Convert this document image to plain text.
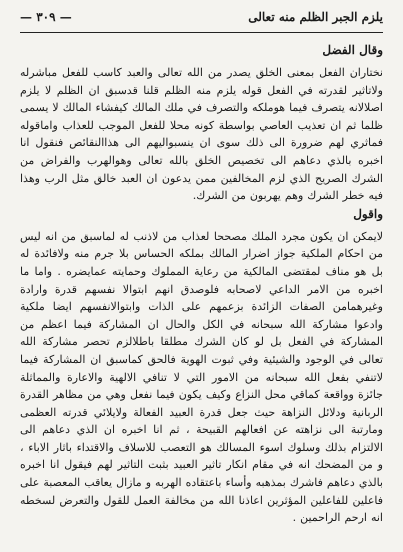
يلزم الجبر الظلم منه تعالى
— ٣٠٩ —
وقال الفضل

نختاران الفعل بمعنى الخلق يصدر من الله تعالى والعبد كاسب للفعل مباشرله ولاتاثير لقدرته في الفعل قوله يلزم منه الظلم قلنا قدسبق ان الظلم لا يلزم اصلالانه يتصرف فيما هوملكه والتصرف في ملك المالك كيفشاء المالك لا يسمى ظلما ثم ان تعذيب العاصي بواسطة كونه محلا للفعل الموجب للعذاب واماقوله فماثري لهم ضرورة الى ذلك سوى ان ينسبواليهم الى هذاالنقائص فنقول انا اخبره بالذي دعاهم الى تخصيص الخلق بالله تعالى وهوالهرب والفراض من الشرك الصريح الذي لزم المخالفين ممن يدعون ان العبد خالق مثل الرب وهذا فيه خطر الشرك وهم يهربون من الشرك.

واقول

لايمكن ان يكون مجرد الملك مصححا لعذاب من لاذنب له لماسبق من انه ليس من احكام الملكية جواز اضرار المالك بملكه الحساس بلا جرم منه ولافائدة له بل هو مناف لمقتضى المالكية من رعاية المملوك وحمايته عمايضره . واما ما اخبره من الامر الداعي لاصحابه فلوصدق انهم ابتوالا نفسهم قدرة وارادة وغيرهمامن الصفات الزائدة بزعمهم على الذات وابتوالانفسهم ايضا ملكية وادعوا مشاركة الله سبحانه في الكل والحال ان المشاركة فيما اعظم من المشاركة في الفعل بل لو كان الشرك مطلقا باطلالزم تحصر مشاركة الله تعالى في الوجود والشيئية وفي ثبوت الهوية فالحق كماسبق ان المشاركة فيما لاتنفي بفعل الله سبحانه من الامور التي لا تنافي الالهية والاعارة والمماثلة جائزة وواقعة كماقي محل النزاع وكيف يكون فيما نفعل وهي من مظاهر القدرة الربانية ودلائل النزاهة حيث جعل قدرة العبيد الفعالة ولايلائي قدرته العظمى ومارتبة الى نزاهته عن افعالهم القبيحة ، ثم انا اخبره ان الذي دعاهم الى الالتزام بذلك وسلوك اسوء المسالك هو التعصب للاسلاف والاقتداء باثار الاباء ، و من المضحك انه في مقام انكار تاثير العبيد بثبت التاثير لهم فيقول انا اخبره بالذي دعاهم فاشرك بمذهبه وأساء باعتقاده الهربه و مازال يعاقب المعصبة على فاعلين للفاعلين المؤثرين اعاذنا الله من مخالفة العمل للقول والتعرض لسخطه انه ارحم الراحمين .
